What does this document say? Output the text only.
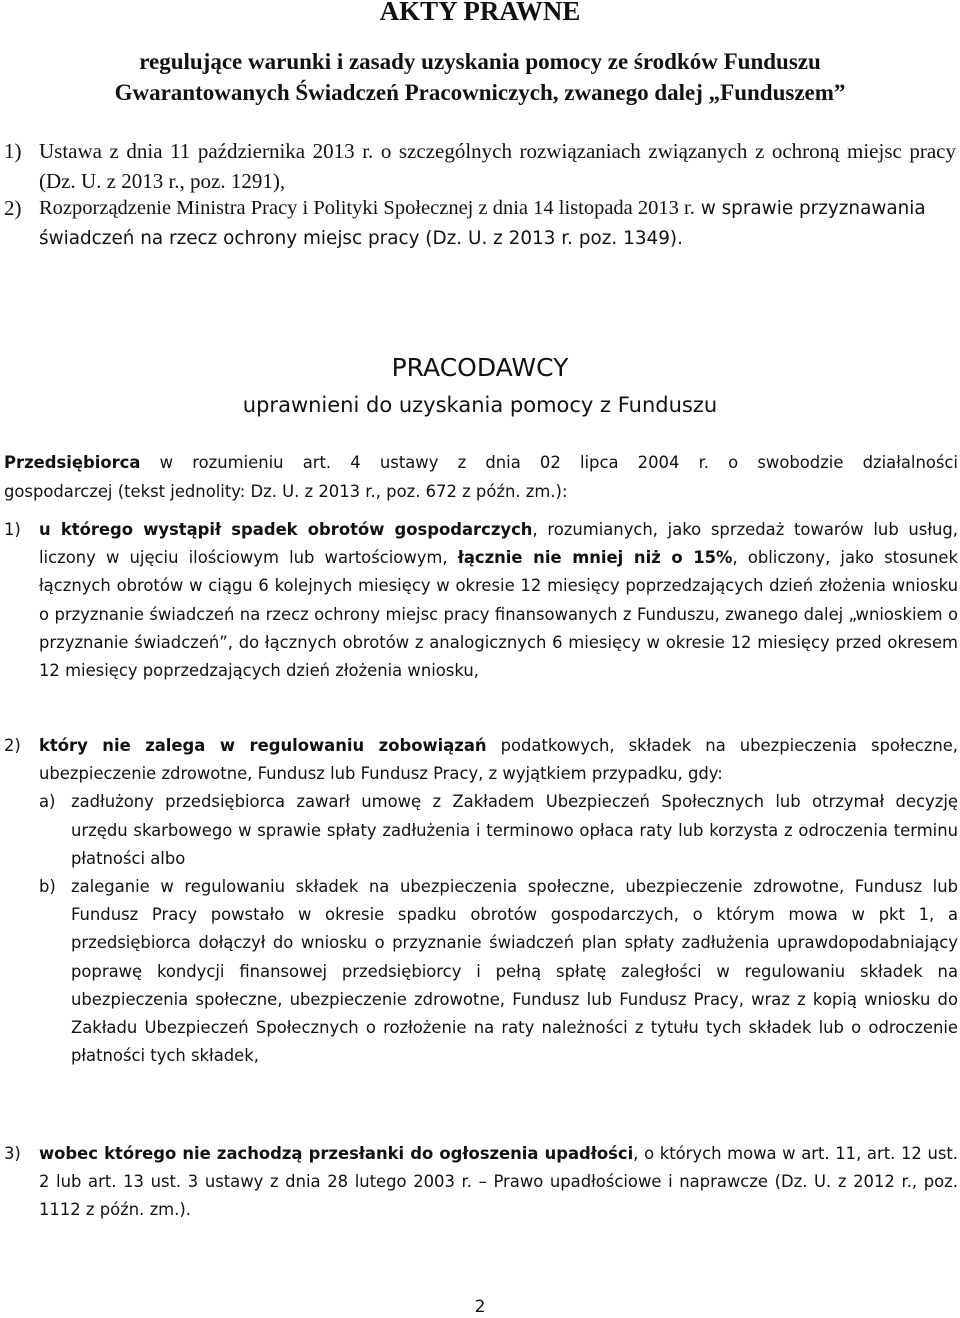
AKTY PRAWNE
regulujące warunki i zasady uzyskania pomocy ze środków Funduszu
Gwarantowanych Świadczeń Pracowniczych, zwanego dalej „Funduszem”
1) Ustawa z dnia 11 października 2013 r. o szczególnych rozwiązaniach związanych z ochroną miejsc pracy (Dz. U. z 2013 r., poz. 1291),
2) Rozporządzenie Ministra Pracy i Polityki Społecznej z dnia 14 listopada 2013 r. w sprawie przyznawania świadczeń na rzecz ochrony miejsc pracy (Dz. U. z 2013 r. poz. 1349).
PRACODAWCY
uprawnieni do uzyskania pomocy z Funduszu
Przedsiębiorca w rozumieniu art. 4 ustawy z dnia 02 lipca 2004 r. o swobodzie działalności
gospodarczej (tekst jednolity: Dz. U. z 2013 r., poz. 672 z późn. zm.):
1) u którego wystąpił spadek obrotów gospodarczych, rozumianych, jako sprzedaż towarów lub usług, liczony w ujęciu ilościowym lub wartościowym, łącznie nie mniej niż o 15%, obliczony, jako stosunek łącznych obrotów w ciągu 6 kolejnych miesięcy w okresie 12 miesięcy poprzedzających dzień złożenia wniosku o przyznanie świadczeń na rzecz ochrony miejsc pracy finansowanych z Funduszu, zwanego dalej „wnioskiem o przyznanie świadczeń”, do łącznych obrotów z analogicznych 6 miesięcy w okresie 12 miesięcy przed okresem 12 miesięcy poprzedzających dzień złożenia wniosku,
2) który nie zalega w regulowaniu zobowiązań podatkowych, składek na ubezpieczenia społeczne, ubezpieczenie zdrowotne, Fundusz lub Fundusz Pracy, z wyjątkiem przypadku, gdy:
a) zadłużony przedsiębiorca zawarł umowę z Zakładem Ubezpieczeń Społecznych lub otrzymał decyzję urzędu skarbowego w sprawie spłaty zadłużenia i terminowo opłaca raty lub korzysta z odroczenia terminu płatności albo
b) zaleganie w regulowaniu składek na ubezpieczenia społeczne, ubezpieczenie zdrowotne, Fundusz lub Fundusz Pracy powstało w okresie spadku obrotów gospodarczych, o którym mowa w pkt 1, a przedsiębiorca dołączył do wniosku o przyznanie świadczeń plan spłaty zadłużenia uprawdopodabniający poprawę kondycji finansowej przedsiębiorcy i pełną spłatę zaległości w regulowaniu składek na ubezpieczenia społeczne, ubezpieczenie zdrowotne, Fundusz lub Fundusz Pracy, wraz z kopią wniosku do Zakładu Ubezpieczeń Społecznych o rozłożenie na raty należności z tytułu tych składek lub o odroczenie płatności tych składek,
3) wobec którego nie zachodzą przesłanki do ogłoszenia upadłości, o których mowa w art. 11, art. 12 ust. 2 lub art. 13 ust. 3 ustawy z dnia 28 lutego 2003 r. – Prawo upadłościowe i naprawcze (Dz. U. z 2012 r., poz. 1112 z późn. zm.).
2
